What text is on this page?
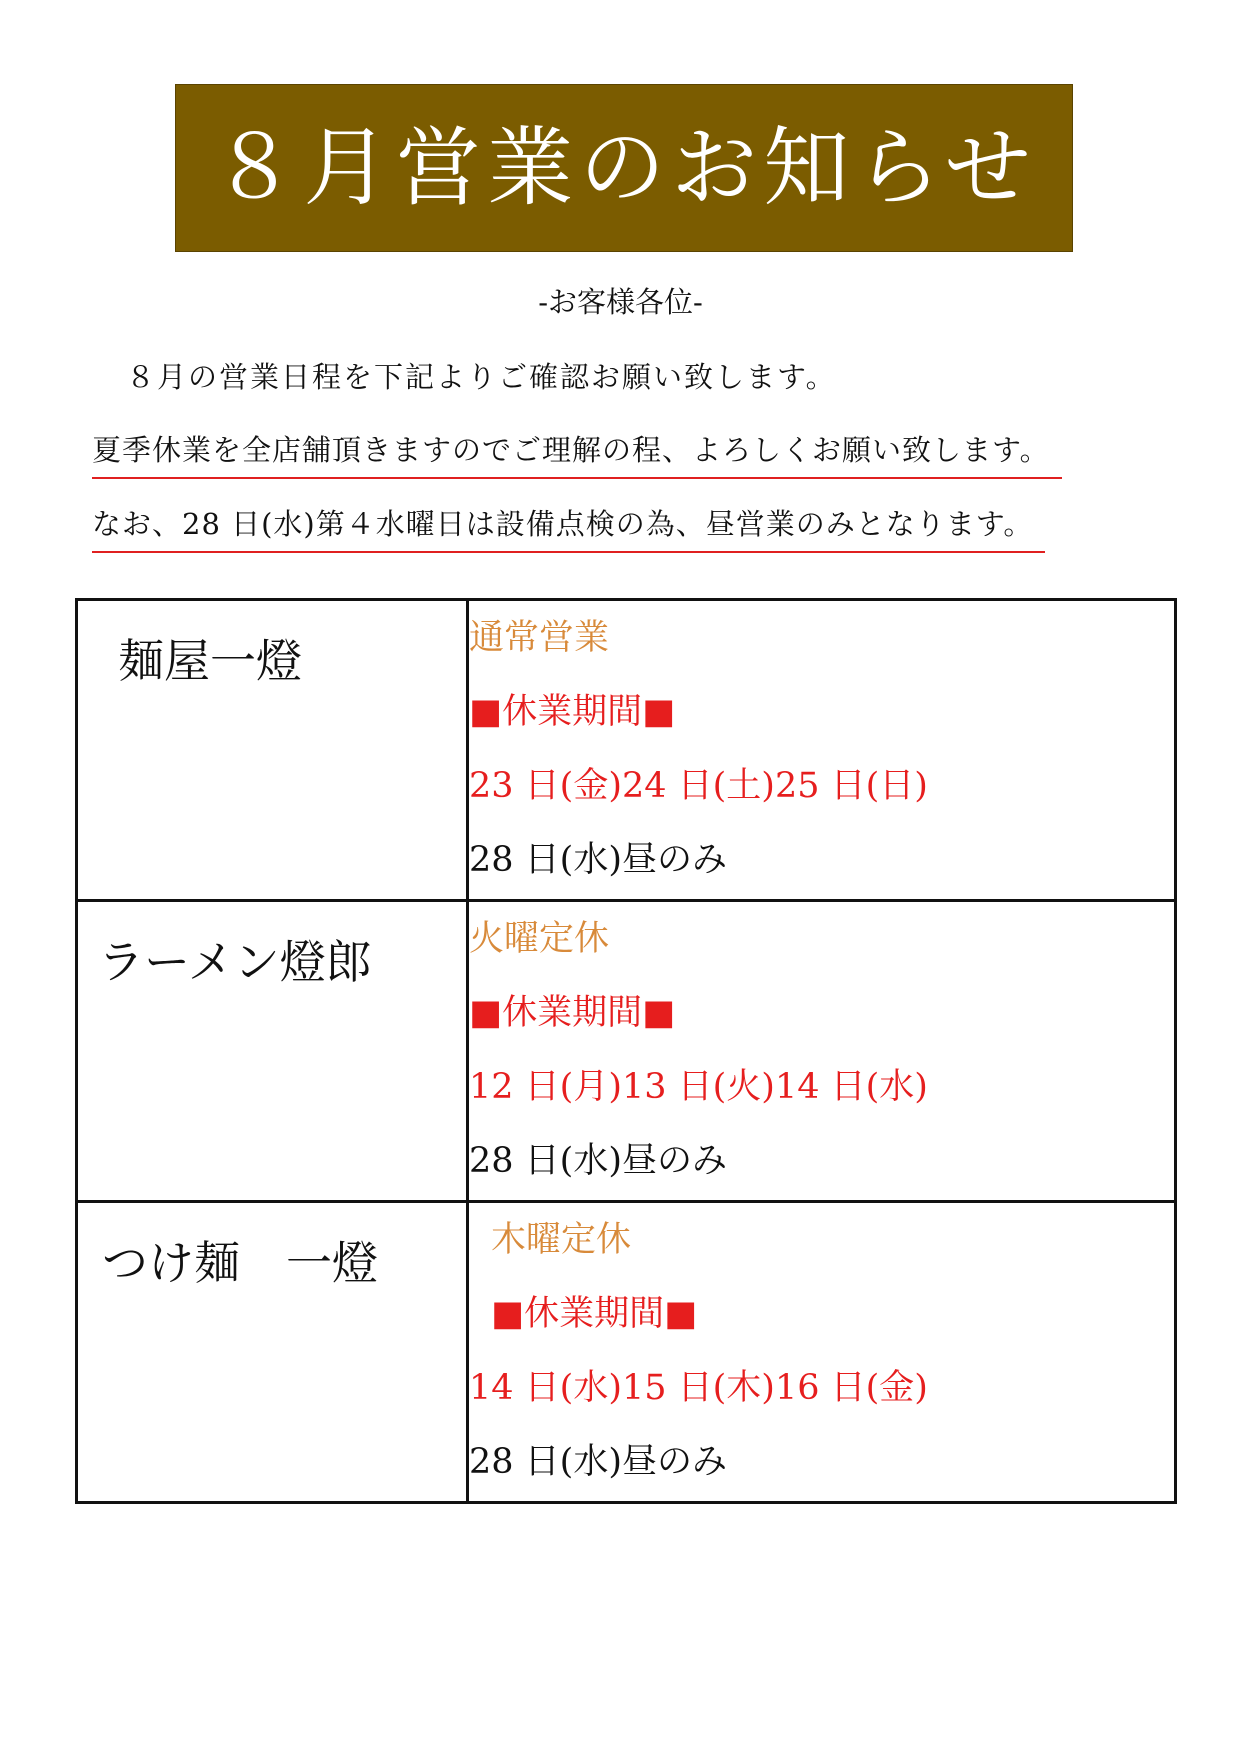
８月営業のお知らせ
-お客様各位-
８月の営業日程を下記よりご確認お願い致します。
夏季休業を全店舗頂きますのでご理解の程、よろしくお願い致します。
なお、28 日(水)第４水曜日は設備点検の為、昼営業のみとなります。
麺屋一燈	通常営業
■休業期間■
23 日(金)24 日(土)25 日(日)
28 日(水)昼のみ

ラーメン燈郎	火曜定休
■休業期間■
12 日(月)13 日(火)14 日(水)
28 日(水)昼のみ

つけ麺　一燈	木曜定休
■休業期間■
14 日(水)15 日(木)16 日(金)
28 日(水)昼のみ
